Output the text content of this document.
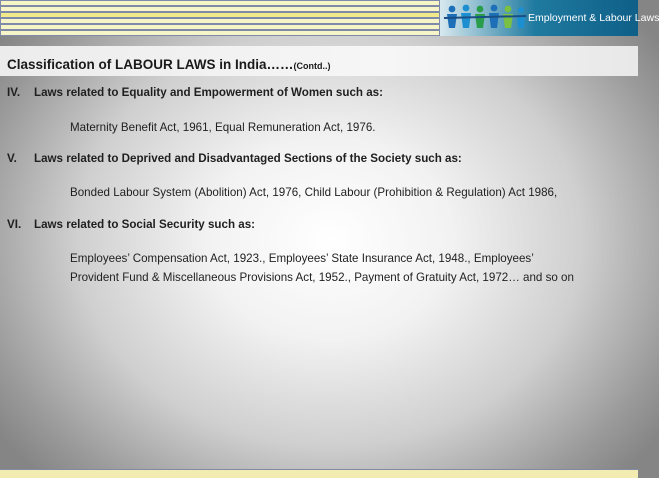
Employment & Labour Laws
Classification of LABOUR LAWS in India……(Contd..)
IV. Laws related to Equality and Empowerment of Women such as:
Maternity Benefit Act, 1961, Equal Remuneration Act, 1976.
V. Laws related to Deprived and Disadvantaged Sections of the Society such as:
Bonded Labour System (Abolition) Act, 1976, Child Labour (Prohibition & Regulation) Act 1986,
VI. Laws related to Social Security such as:
Employees’ Compensation Act, 1923., Employees’ State Insurance Act, 1948., Employees’
Provident Fund & Miscellaneous Provisions Act, 1952., Payment of Gratuity Act, 1972… and so on
